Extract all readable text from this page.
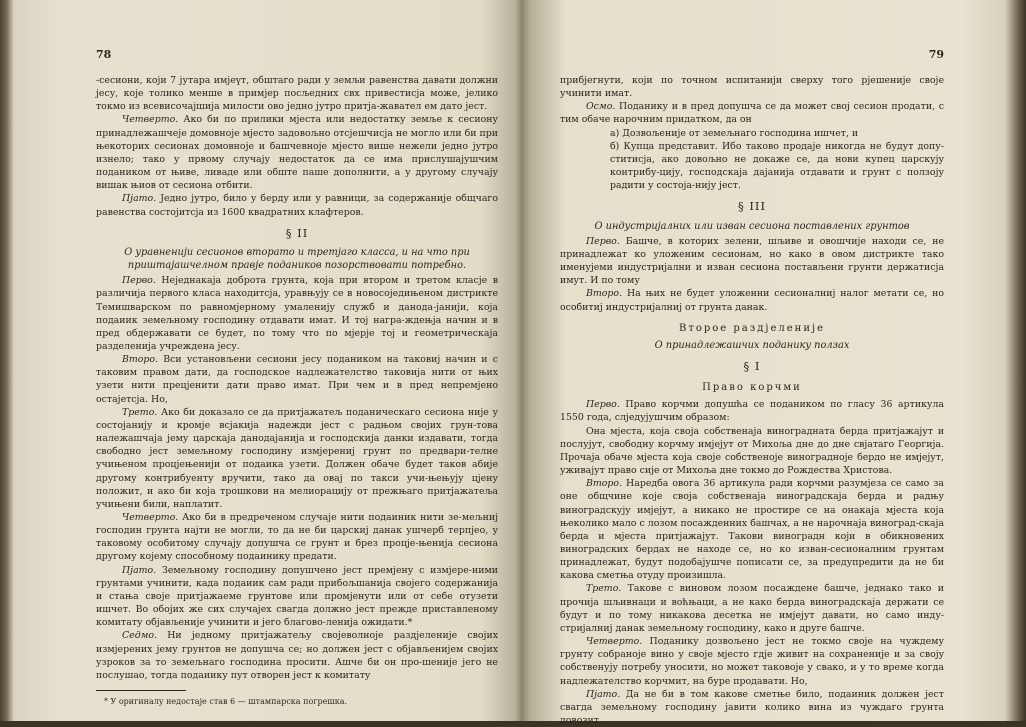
78

-сесиони, који 7 јутара имјеүт, обштаго ради у земљи равенства давати должни јесу, које толико менше в примјер посљедних свх привестисја може, јелико токмо из всевисочајшија милости ово једно јутро притја-жавател ем дато јест.

Четверто. Ако би по прилики мјеста или недостатку земље к сесиону принадлежашчеје домовноје мјесто задовољно отсјешчисја не могло или би при њекоторих сесионах домовноје и башчевноје мјесто више нежели једно јутро изнело; тако у првому случају недостаток да се има прислушајушчим подаником от њиве, ливаде или обште паше дополнити, а у другому случају вишак њиов от сесиона отбити.

Пјато. Једно јутро, било у берду или у равници, за содержаније общчаго равенства состојитсја из 1600 квадратних клафтеров.

§ II

О уравненији сесионов вторато и третјаго класса, и на что при приштајашчелном правје подаников позорствовати потребно.

Перво. Неједнакаја доброта грунта, која при втором и третом класје в различија первого класа находитсја, уравњују се в новосоједињеном дистрикте Темишварском по равномјерному умаленију служб и данода-јанији, која подаиик земељному господину отдавати имат. И тој награ-ждењја начин и в пред обдержавати се будет, по тому что по мјерје тој и геометрическаја разделенија учреждена јесу.

Второ. Вси установљени сесиони јесу подаником на таковиј начин и с таковим правом дати, да господское надлежателство таковија нити от њих узети нити прецјенити дати право имат. При чем и в пред непремјено остајетсја. Но,

Трето. Ако би доказало се да притјажатељ поданическаго сесиона није у состојанију и кромје всјакија надежди јест с радњом својих грун-това належашчаја јему царскаја данодајанија и господскија данки издавати, тогда свободно јест земељному господину измјерениј грунт по предвари-телне учињеном процјењенији от подаика узети. Должен обаче будет таков абије другому контрибуенту вручити, тако да овај по такси учи-њењују цјену положит, и ако би која трошкови на мелиорацију от прежњаго притјажатеља учињени били, наплатит.

Четверто. Ако би в предреченом случаје нити подаиник нити зе-мељниј господин грунта најти не могли, то да не би царскиј данак ушчерб терпјео, у таковому особитому случају допушча се грунт и брез процје-њенија сесиона другому којему способному подаинику предати.

Пјато. Земељному господину допушчено јест премјену с измјере-ними грунтами учинити, када подаиик сам ради прибољшанија својего содержанија и стања своје притјажаеме грунтове или промјенути или от себе отузети ишчет. Во обојих же сих случајех свагда должно јест прежде приставленому комитату објављеније учинити и јего благово-ленија ожидати.*

Седмо. Ни једному притјажатељу својеволноје раздјеленије својих измјерених јему грунтов не допушча се; но должен јест с објављенијем својих узроков за то земељнаго господина просити. Ашче би он про-шеније јего не послушао, тогда подаиику пут отворен јест к комитату

* У оригиналу недостаје став 6 — штампарска погрешка.

79

прибјегнути, који по точном испитанији сверху того рјешеније своје учинити имат.

Осмо. Поданику и в пред допушча се да может свој сесион продати, с тим обаче нарочним придатком, да он

а) Дозвољеније от земељнаго господина ишчет, и

б) Купца представит. Ибо таково продаје никогда не будут допу-ститисја, ако довољно не докаже се, да нови купец царскују контрибу-цију, господскаја дајанија отдавати и грунт с ползоју радити у состоја-нију јест.

§ III

О индустријалних или изван сесиона поставлених грунтов

Перво. Башче, в которих зелени, шљиве и овошчије находи се, не принадлежат ко уложеним сесионам, но како в овом дистрикте тако именујеми индустријални и изван сесиона постављени грунти держатисја имут. И по тому

Второ. На њих не будет уложенни сесионалниј налог метати се, но особитиј индустријалниј от грунта данак.

Вторoе раздјеленије

О принадлежашчих поданику ползах

§ I
Право корчми

Перво. Право корчми допушћа се подаником по гласу 36 артикула 1550 года, слједујушчим образом:

Она мјеста, која своја собственаја виноградната берда притјажајут и послујут, свободну корчму имјејут от Михоља дне до дне свјатаго Георгија. Прочаја обаче мјеста која своје собственоје виноградноје бердо не имјејут, уживајут право сије от Михоља дне токмо до Рождества Христова.

Второ. Наредба овога 36 артикула ради корчми разумјеза се само за оне общчине које своја собственаја виноградскаја берда и радњу виноградскују имјејут, а никако не простире се на онакаја мјеста која њеколико мало с лозом посажденних башчах, а не нарочнаја виноград-скаја берда и мјеста притјажајут. Такови виноградн који в обикновених виноградских бердах не находе се, но ко изван-сесионалним грунтам принадлежат, будут подобајушче пописати се, за предупредити да не би какова сметња отуду произишла.

Трето. Такове с виновом лозом посажденe башче, једнако тако и прочија шљивнаци и воћњаци, а не како берда виноградскаја держати се будут и по тому никакова десетка не имјејут давати, но само инду-стријалниј данак земељному господину, како и друге башче.

Четверто. Поданику дозвољено јест не токмо своје на чуждему грунту собраноје вино у своје мјесто гдје живит на сохраненије и за својy собственују потребу уносити, но может таковоје у свако, и у то време когда надлежателство корчмит, на буре продавати. Но,

Пјато. Да не би в том каковe сметње било, подаиник должен јест свагда земељному господину јавити колико вина из чуждаго грунта довозит.
